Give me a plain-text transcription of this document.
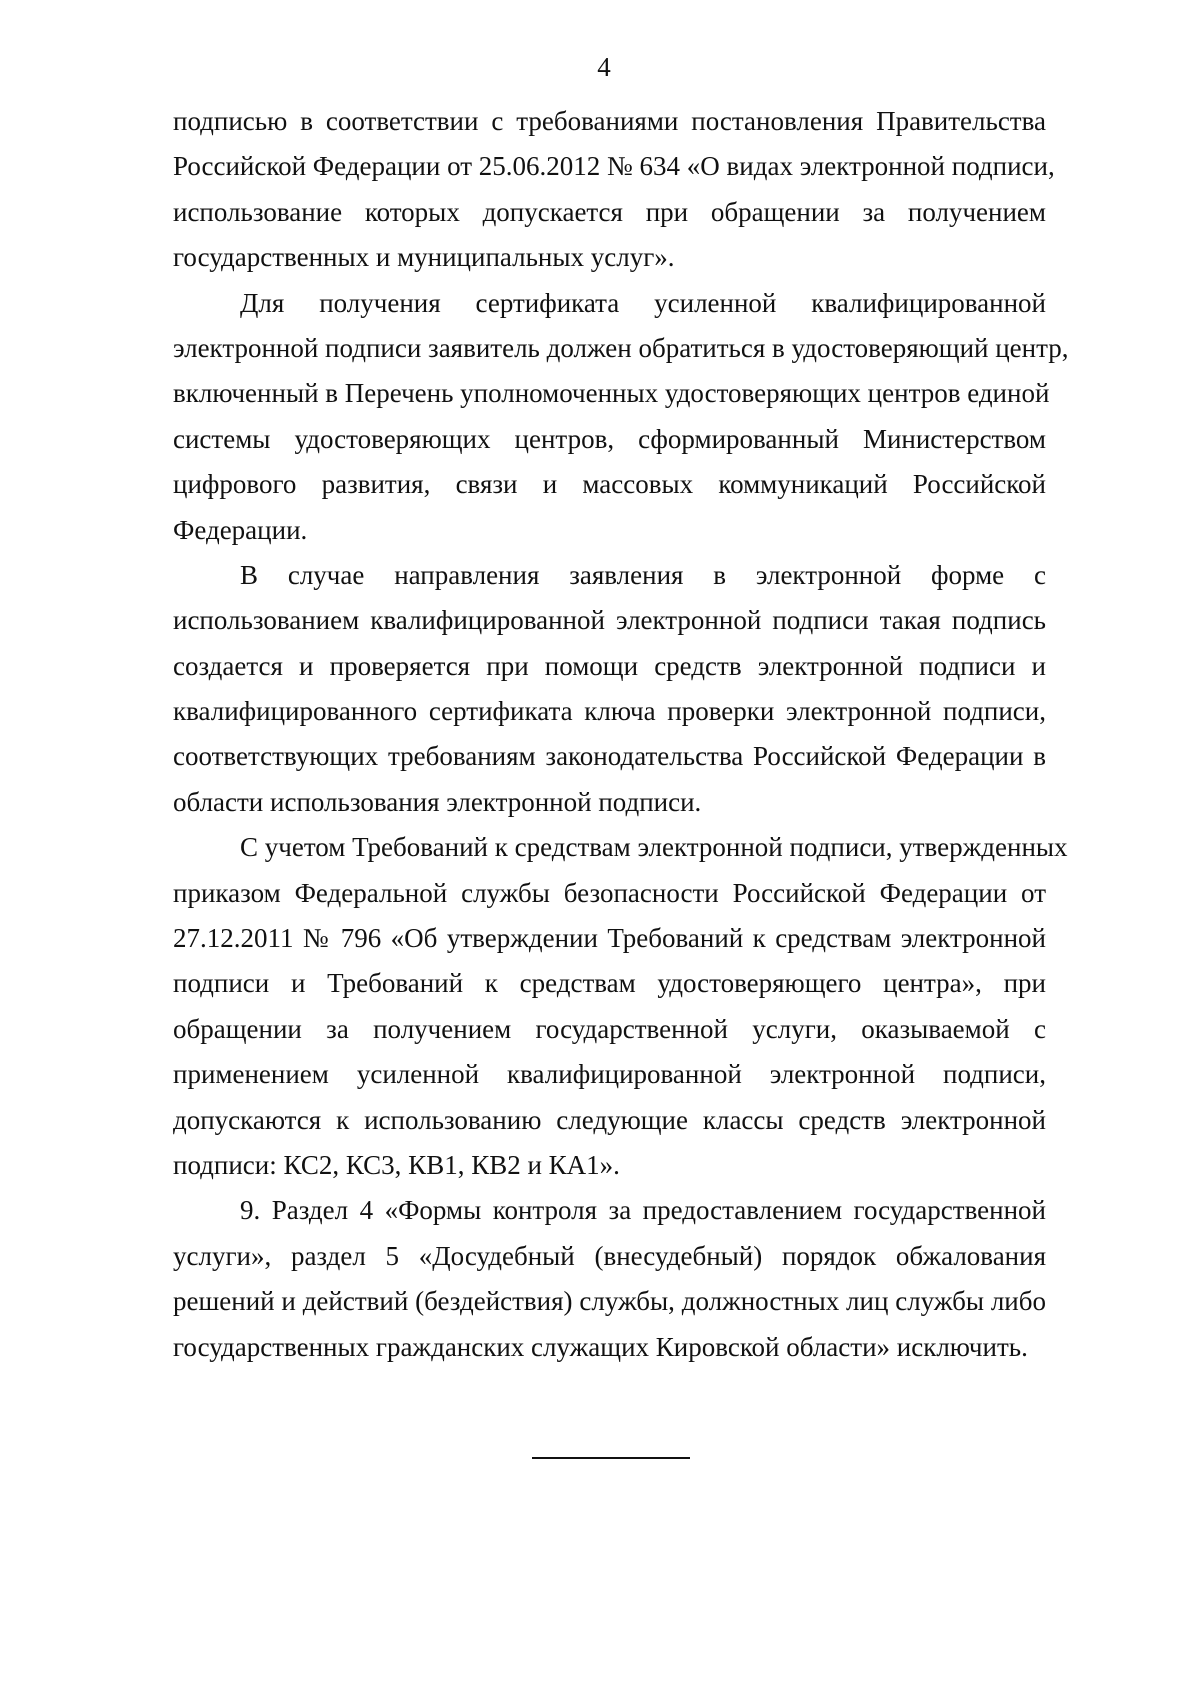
4
подписью в соответствии с требованиями постановления Правительства
Российской Федерации от 25.06.2012 № 634 «О видах электронной подписи,
использование которых допускается при обращении за получением
государственных и муниципальных услуг».
Для получения сертификата усиленной квалифицированной
электронной подписи заявитель должен обратиться в удостоверяющий центр,
включенный в Перечень уполномоченных удостоверяющих центров единой
системы удостоверяющих центров, сформированный Министерством
цифрового развития, связи и массовых коммуникаций Российской
Федерации.
В случае направления заявления в электронной форме с
использованием квалифицированной электронной подписи такая подпись
создается и проверяется при помощи средств электронной подписи и
квалифицированного сертификата ключа проверки электронной подписи,
соответствующих требованиям законодательства Российской Федерации в
области использования электронной подписи.
С учетом Требований к средствам электронной подписи, утвержденных
приказом Федеральной службы безопасности Российской Федерации от
27.12.2011 № 796 «Об утверждении Требований к средствам электронной
подписи и Требований к средствам удостоверяющего центра», при
обращении за получением государственной услуги, оказываемой с
применением усиленной квалифицированной электронной подписи,
допускаются к использованию следующие классы средств электронной
подписи: КС2, КС3, КВ1, КВ2 и КА1».
9. Раздел 4 «Формы контроля за предоставлением государственной
услуги», раздел 5 «Досудебный (внесудебный) порядок обжалования
решений и действий (бездействия) службы, должностных лиц службы либо
государственных гражданских служащих Кировской области» исключить.
